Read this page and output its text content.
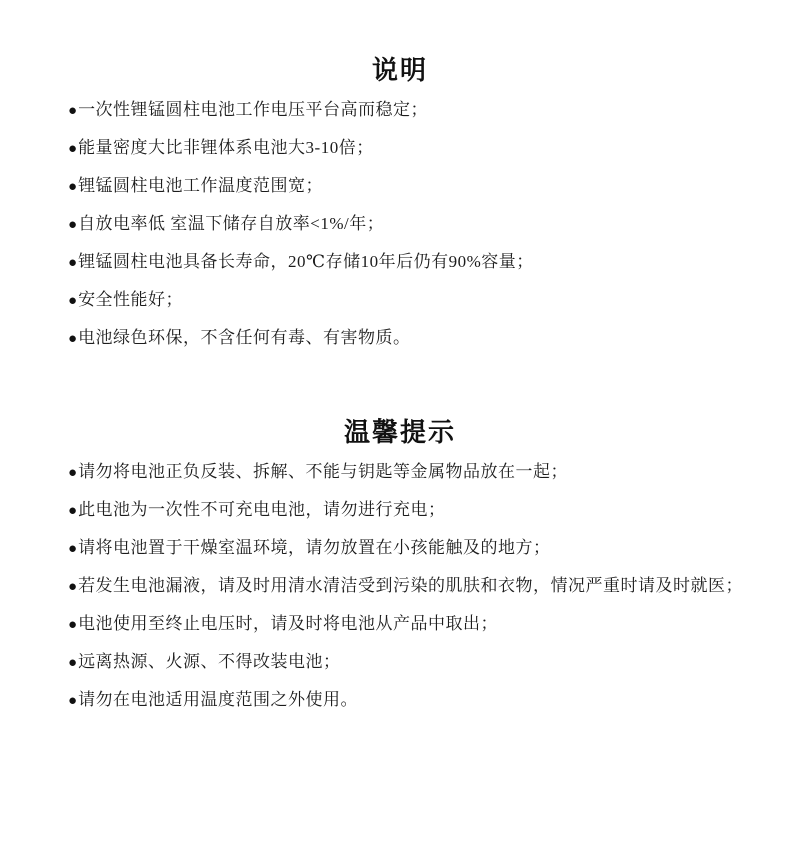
说明

●一次性锂锰圆柱电池工作电压平台高而稳定；

●能量密度大比非锂体系电池大3-10倍；

●锂锰圆柱电池工作温度范围宽；

●自放电率低 室温下储存自放率<1%/年；

●锂锰圆柱电池具备长寿命，20℃存储10年后仍有90%容量；

●安全性能好；

●电池绿色环保，不含任何有毒、有害物质。

温馨提示

●请勿将电池正负反装、拆解、不能与钥匙等金属物品放在一起；

●此电池为一次性不可充电电池，请勿进行充电；

●请将电池置于干燥室温环境，请勿放置在小孩能触及的地方；

●若发生电池漏液，请及时用清水清洁受到污染的肌肤和衣物，情况严重时请及时就医；

●电池使用至终止电压时，请及时将电池从产品中取出；

●远离热源、火源、不得改装电池；

●请勿在电池适用温度范围之外使用。
